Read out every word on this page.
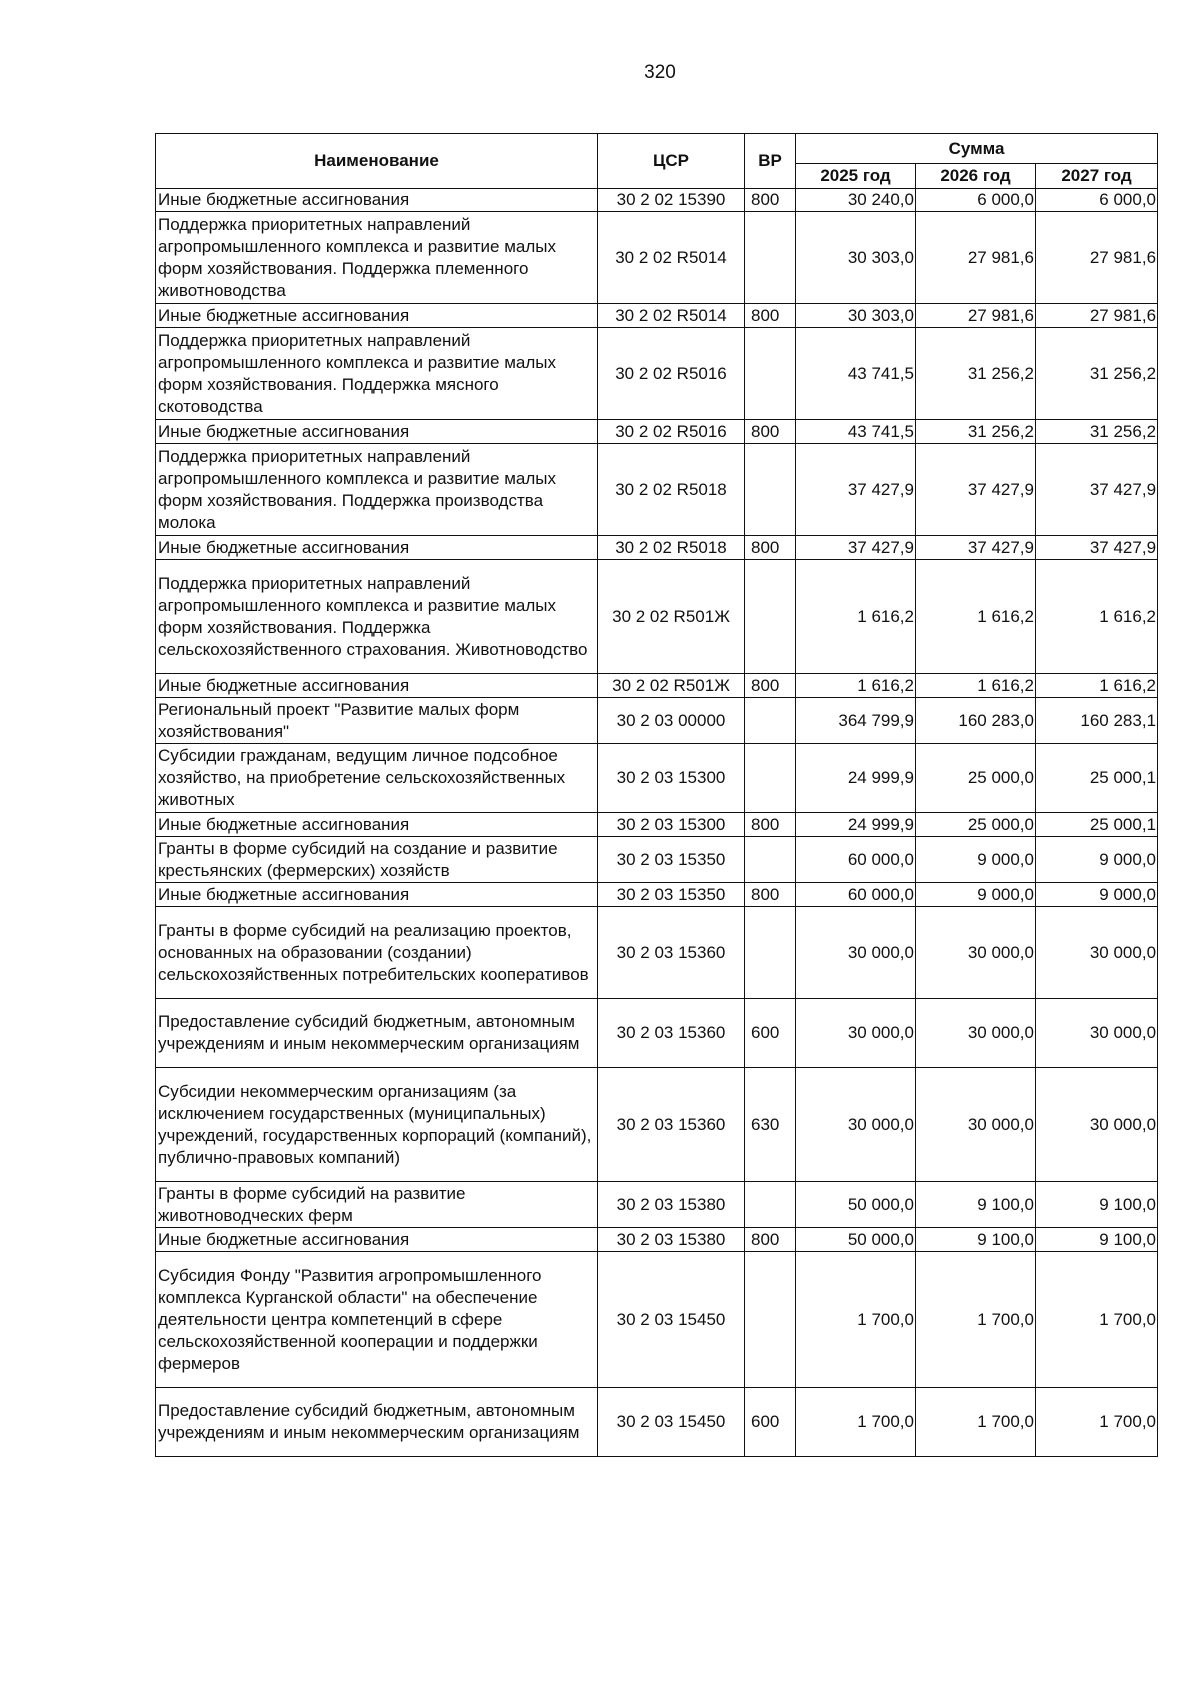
320
Наименование	ЦСР	ВР	Сумма		
			2025 год	2026 год	2027 год
Иные бюджетные ассигнования	30 2 02 15390	800	30 240,0	6 000,0	6 000,0
Поддержка приоритетных направлений агропромышленного комплекса и развитие малых форм хозяйствования. Поддержка племенного животноводства	30 2 02 R5014		30 303,0	27 981,6	27 981,6
Иные бюджетные ассигнования	30 2 02 R5014	800	30 303,0	27 981,6	27 981,6
Поддержка приоритетных направлений агропромышленного комплекса и развитие малых форм хозяйствования. Поддержка мясного скотоводства	30 2 02 R5016		43 741,5	31 256,2	31 256,2
Иные бюджетные ассигнования	30 2 02 R5016	800	43 741,5	31 256,2	31 256,2
Поддержка приоритетных направлений агропромышленного комплекса и развитие малых форм хозяйствования. Поддержка производства молока	30 2 02 R5018		37 427,9	37 427,9	37 427,9
Иные бюджетные ассигнования	30 2 02 R5018	800	37 427,9	37 427,9	37 427,9
Поддержка приоритетных направлений агропромышленного комплекса и развитие малых форм хозяйствования. Поддержка сельскохозяйственного страхования. Животноводство	30 2 02 R501Ж		1 616,2	1 616,2	1 616,2
Иные бюджетные ассигнования	30 2 02 R501Ж	800	1 616,2	1 616,2	1 616,2
Региональный проект "Развитие малых форм хозяйствования"	30 2 03 00000		364 799,9	160 283,0	160 283,1
Субсидии гражданам, ведущим личное подсобное хозяйство, на приобретение сельскохозяйственных животных	30 2 03 15300		24 999,9	25 000,0	25 000,1
Иные бюджетные ассигнования	30 2 03 15300	800	24 999,9	25 000,0	25 000,1
Гранты в форме субсидий на создание и развитие крестьянских (фермерских) хозяйств	30 2 03 15350		60 000,0	9 000,0	9 000,0
Иные бюджетные ассигнования	30 2 03 15350	800	60 000,0	9 000,0	9 000,0
Гранты в форме субсидий на реализацию проектов, основанных на образовании (создании) сельскохозяйственных потребительских кооперативов	30 2 03 15360		30 000,0	30 000,0	30 000,0
Предоставление субсидий бюджетным, автономным учреждениям и иным некоммерческим организациям	30 2 03 15360	600	30 000,0	30 000,0	30 000,0
Субсидии некоммерческим организациям (за исключением государственных (муниципальных) учреждений, государственных корпораций (компаний), публично-правовых компаний)	30 2 03 15360	630	30 000,0	30 000,0	30 000,0
Гранты в форме субсидий на развитие животноводческих ферм	30 2 03 15380		50 000,0	9 100,0	9 100,0
Иные бюджетные ассигнования	30 2 03 15380	800	50 000,0	9 100,0	9 100,0
Субсидия Фонду "Развития агропромышленного комплекса Курганской области" на обеспечение деятельности центра компетенций в сфере сельскохозяйственной кооперации и поддержки фермеров	30 2 03 15450		1 700,0	1 700,0	1 700,0
Предоставление субсидий бюджетным, автономным учреждениям и иным некоммерческим организациям	30 2 03 15450	600	1 700,0	1 700,0	1 700,0
